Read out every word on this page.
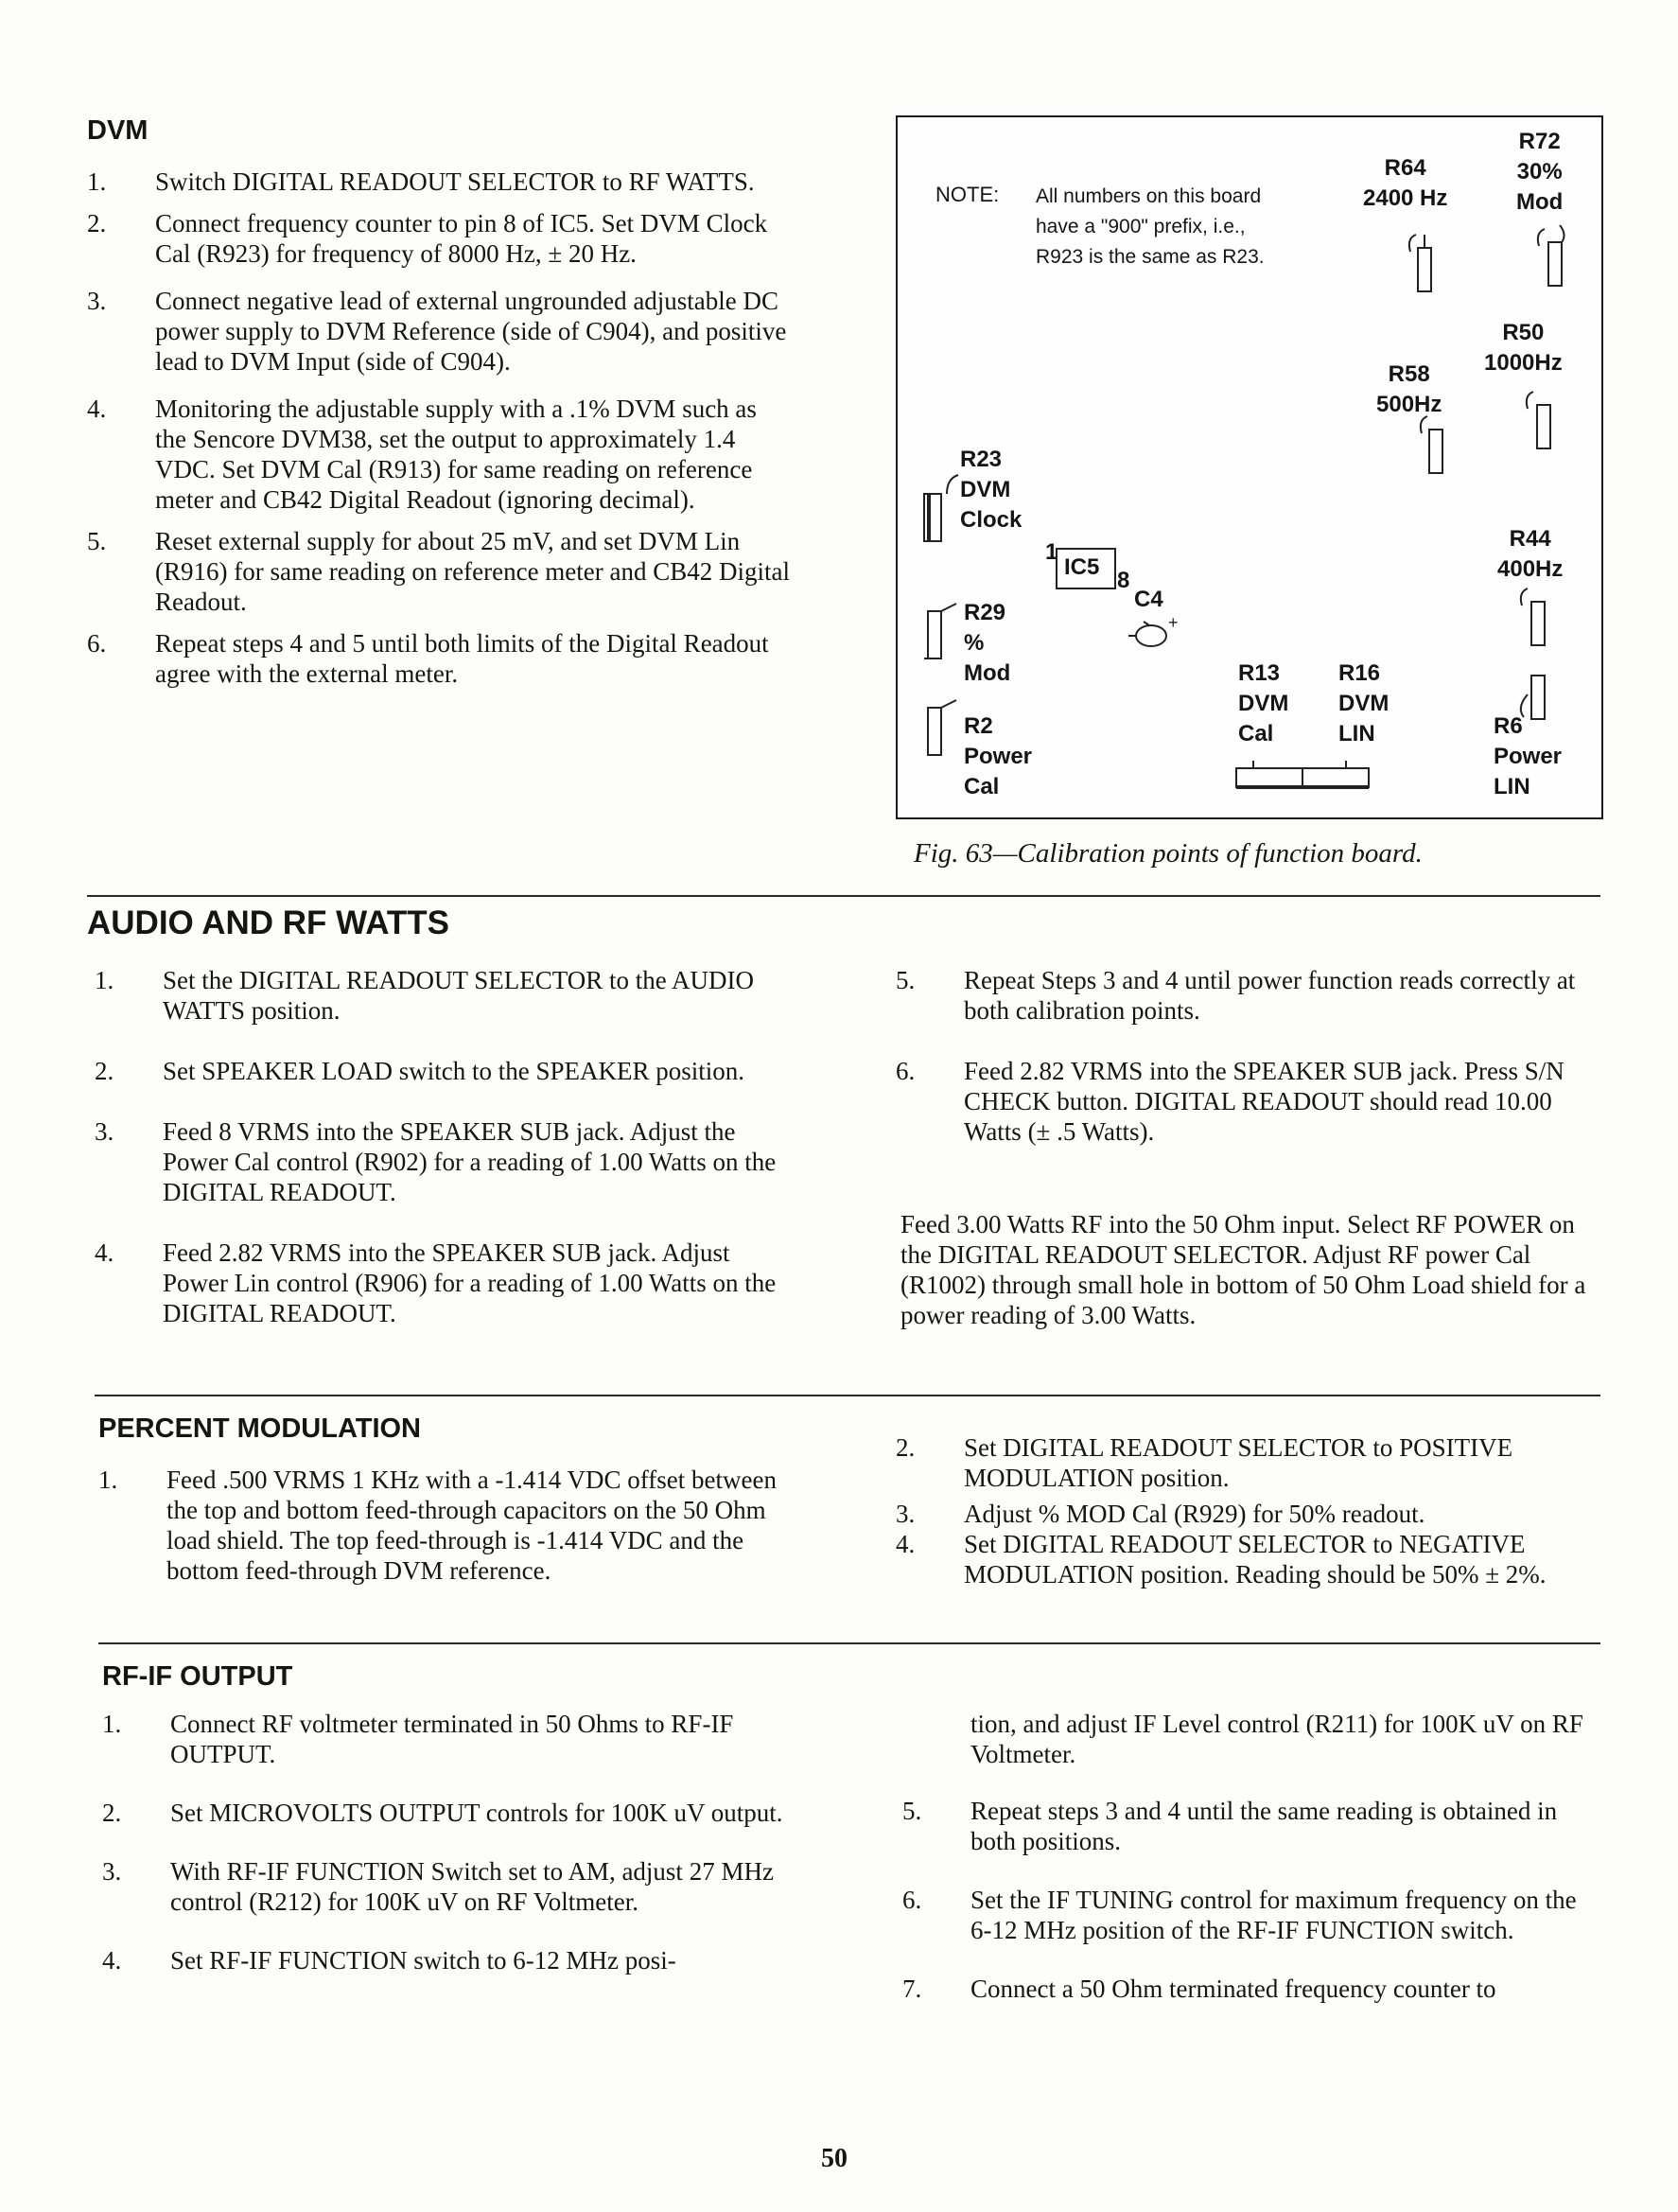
DVM
1. Switch DIGITAL READOUT SELECTOR to RF WATTS.
2. Connect frequency counter to pin 8 of IC5. Set DVM Clock Cal (R923) for frequency of 8000 Hz, ± 20 Hz.
3. Connect negative lead of external ungrounded adjustable DC power supply to DVM Reference (side of C904), and positive lead to DVM Input (side of C904).
4. Monitoring the adjustable supply with a .1% DVM such as the Sencore DVM38, set the output to approximately 1.4 VDC. Set DVM Cal (R913) for same reading on reference meter and CB42 Digital Readout (ignoring decimal).
5. Reset external supply for about 25 mV, and set DVM Lin (R916) for same reading on reference meter and CB42 Digital Readout.
6. Repeat steps 4 and 5 until both limits of the Digital Readout agree with the external meter.
NOTE: All numbers on this board have a "900" prefix, i.e., R923 is the same as R23.
R72
30%
Mod
R64
2400 Hz
R50
1000Hz
R58
500Hz
R23
DVM
Clock
R44
400Hz
R29
%
Mod
IC5
1
8
C4
R13
DVM
Cal
R16
DVM
LIN
R2
Power
Cal
R6
Power
LIN
+
Fig. 63—Calibration points of function board.
AUDIO AND RF WATTS
1. Set the DIGITAL READOUT SELECTOR to the AUDIO WATTS position.
2. Set SPEAKER LOAD switch to the SPEAKER position.
3. Feed 8 VRMS into the SPEAKER SUB jack. Adjust the Power Cal control (R902) for a reading of 1.00 Watts on the DIGITAL READOUT.
4. Feed 2.82 VRMS into the SPEAKER SUB jack. Adjust Power Lin control (R906) for a reading of 1.00 Watts on the DIGITAL READOUT.
5. Repeat Steps 3 and 4 until power function reads correctly at both calibration points.
6. Feed 2.82 VRMS into the SPEAKER SUB jack. Press S/N CHECK button. DIGITAL READOUT should read 10.00 Watts (± .5 Watts).

Feed 3.00 Watts RF into the 50 Ohm input. Select RF POWER on the DIGITAL READOUT SELECTOR. Adjust RF power Cal (R1002) through small hole in bottom of 50 Ohm Load shield for a power reading of 3.00 Watts.

PERCENT MODULATION
1. Feed .500 VRMS 1 KHz with a -1.414 VDC offset between the top and bottom feed-through capacitors on the 50 Ohm load shield. The top feed-through is -1.414 VDC and the bottom feed-through DVM reference.
2. Set DIGITAL READOUT SELECTOR to POSITIVE MODULATION position.
3. Adjust % MOD Cal (R929) for 50% readout.
4. Set DIGITAL READOUT SELECTOR to NEGATIVE MODULATION position. Reading should be 50% ± 2%.
RF-IF OUTPUT
1. Connect RF voltmeter terminated in 50 Ohms to RF-IF OUTPUT.
2. Set MICROVOLTS OUTPUT controls for 100K uV output.
3. With RF-IF FUNCTION Switch set to AM, adjust 27 MHz control (R212) for 100K uV on RF Voltmeter.
4. Set RF-IF FUNCTION switch to 6-12 MHz posi-

tion, and adjust IF Level control (R211) for 100K uV on RF Voltmeter.

5. Repeat steps 3 and 4 until the same reading is obtained in both positions.
6. Set the IF TUNING control for maximum frequency on the 6-12 MHz position of the RF-IF FUNCTION switch.
7. Connect a 50 Ohm terminated frequency counter to
50
